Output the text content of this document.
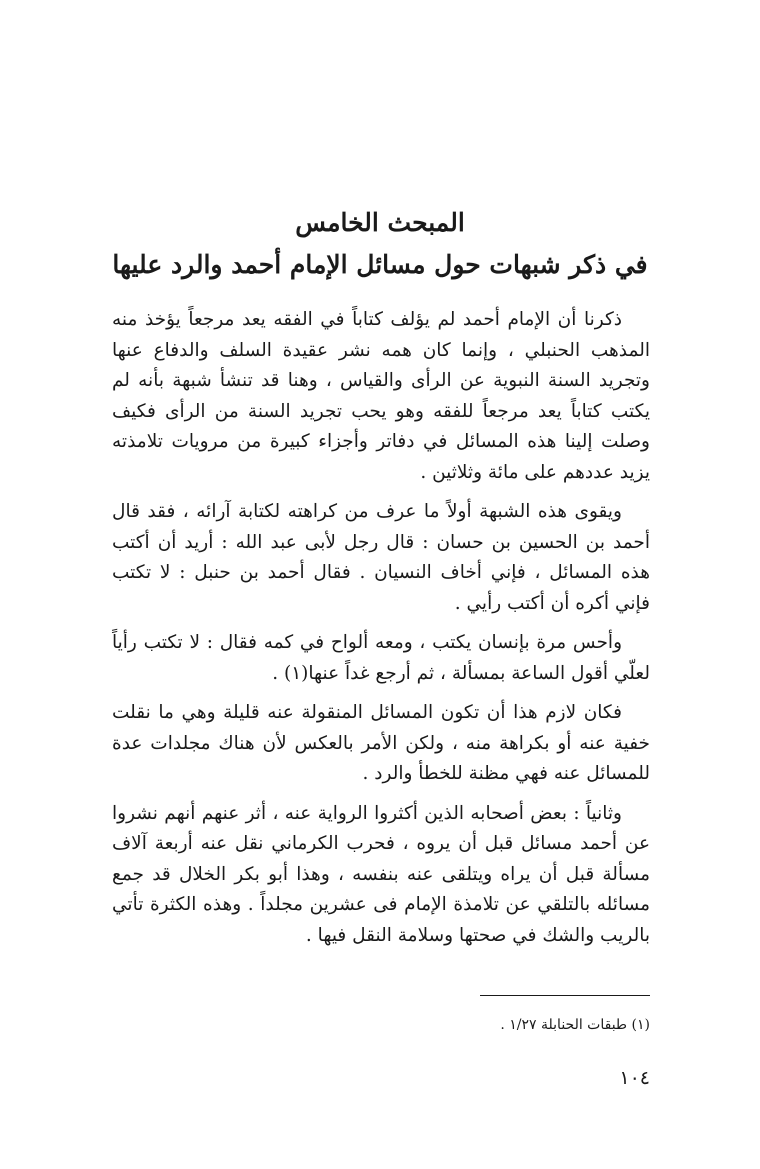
المبحث الخامس
في ذكر شبهات حول مسائل الإمام أحمد والرد عليها

ذكرنا أن الإمام أحمد لم يؤلف كتاباً في الفقه يعد مرجعاً يؤخذ منه المذهب الحنبلي ، وإنما كان همه نشر عقيدة السلف والدفاع عنها وتجريد السنة النبوية عن الرأى والقياس ، وهنا قد تنشأ شبهة بأنه لم يكتب كتاباً يعد مرجعاً للفقه وهو يحب تجريد السنة من الرأى فكيف وصلت إلينا هذه المسائل في دفاتر وأجزاء كبيرة من مرويات تلامذته يزيد عددهم على مائة وثلاثين .

ويقوى هذه الشبهة أولاً ما عرف من كراهته لكتابة آرائه ، فقد قال أحمد بن الحسين بن حسان : قال رجل لأبى عبد الله : أريد أن أكتب هذه المسائل ، فإني أخاف النسيان . فقال أحمد بن حنبل : لا تكتب فإني أكره أن أكتب رأيي .

وأحس مرة بإنسان يكتب ، ومعه ألواح في كمه فقال : لا تكتب رأياً لعلّي أقول الساعة بمسألة ، ثم أرجع غداً عنها(١) .

فكان لازم هذا أن تكون المسائل المنقولة عنه قليلة وهي ما نقلت خفية عنه أو بكراهة منه ، ولكن الأمر بالعكس لأن هناك مجلدات عدة للمسائل عنه فهي مظنة للخطأ والرد .

وثانياً : بعض أصحابه الذين أكثروا الرواية عنه ، أثر عنهم أنهم نشروا عن أحمد مسائل قبل أن يروه ، فحرب الكرماني نقل عنه أربعة آلاف مسألة قبل أن يراه ويتلقى عنه بنفسه ، وهذا أبو بكر الخلال قد جمع مسائله بالتلقي عن تلامذة الإمام فى عشرين مجلداً . وهذه الكثرة تأتي بالريب والشك في صحتها وسلامة النقل فيها .

(١) طبقات الحنابلة ١/٢٧ .
١٠٤
